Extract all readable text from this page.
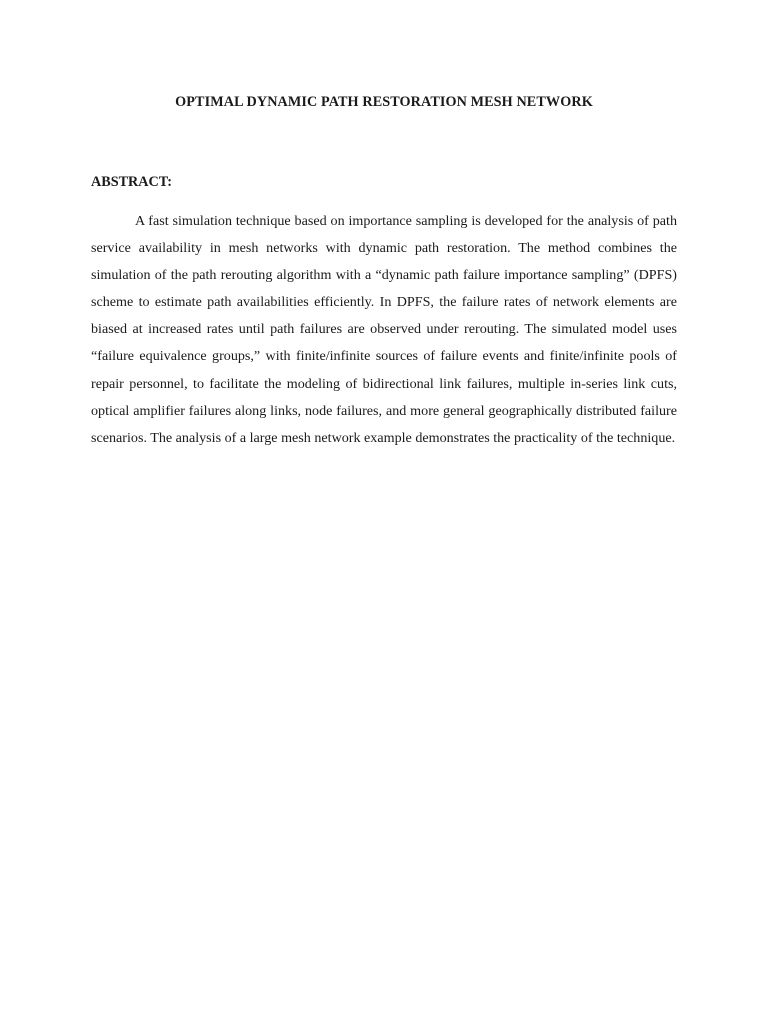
OPTIMAL DYNAMIC PATH RESTORATION MESH NETWORK
ABSTRACT:

A fast simulation technique based on importance sampling is developed for the analysis of path service availability in mesh networks with dynamic path restoration. The method combines the simulation of the path rerouting algorithm with a “dynamic path failure importance sampling” (DPFS) scheme to estimate path availabilities efficiently. In DPFS, the failure rates of network elements are biased at increased rates until path failures are observed under rerouting. The simulated model uses “failure equivalence groups,” with finite/infinite sources of failure events and finite/infinite pools of repair personnel, to facilitate the modeling of bidirectional link failures, multiple in-series link cuts, optical amplifier failures along links, node failures, and more general geographically distributed failure scenarios. The analysis of a large mesh network example demonstrates the practicality of the technique.
